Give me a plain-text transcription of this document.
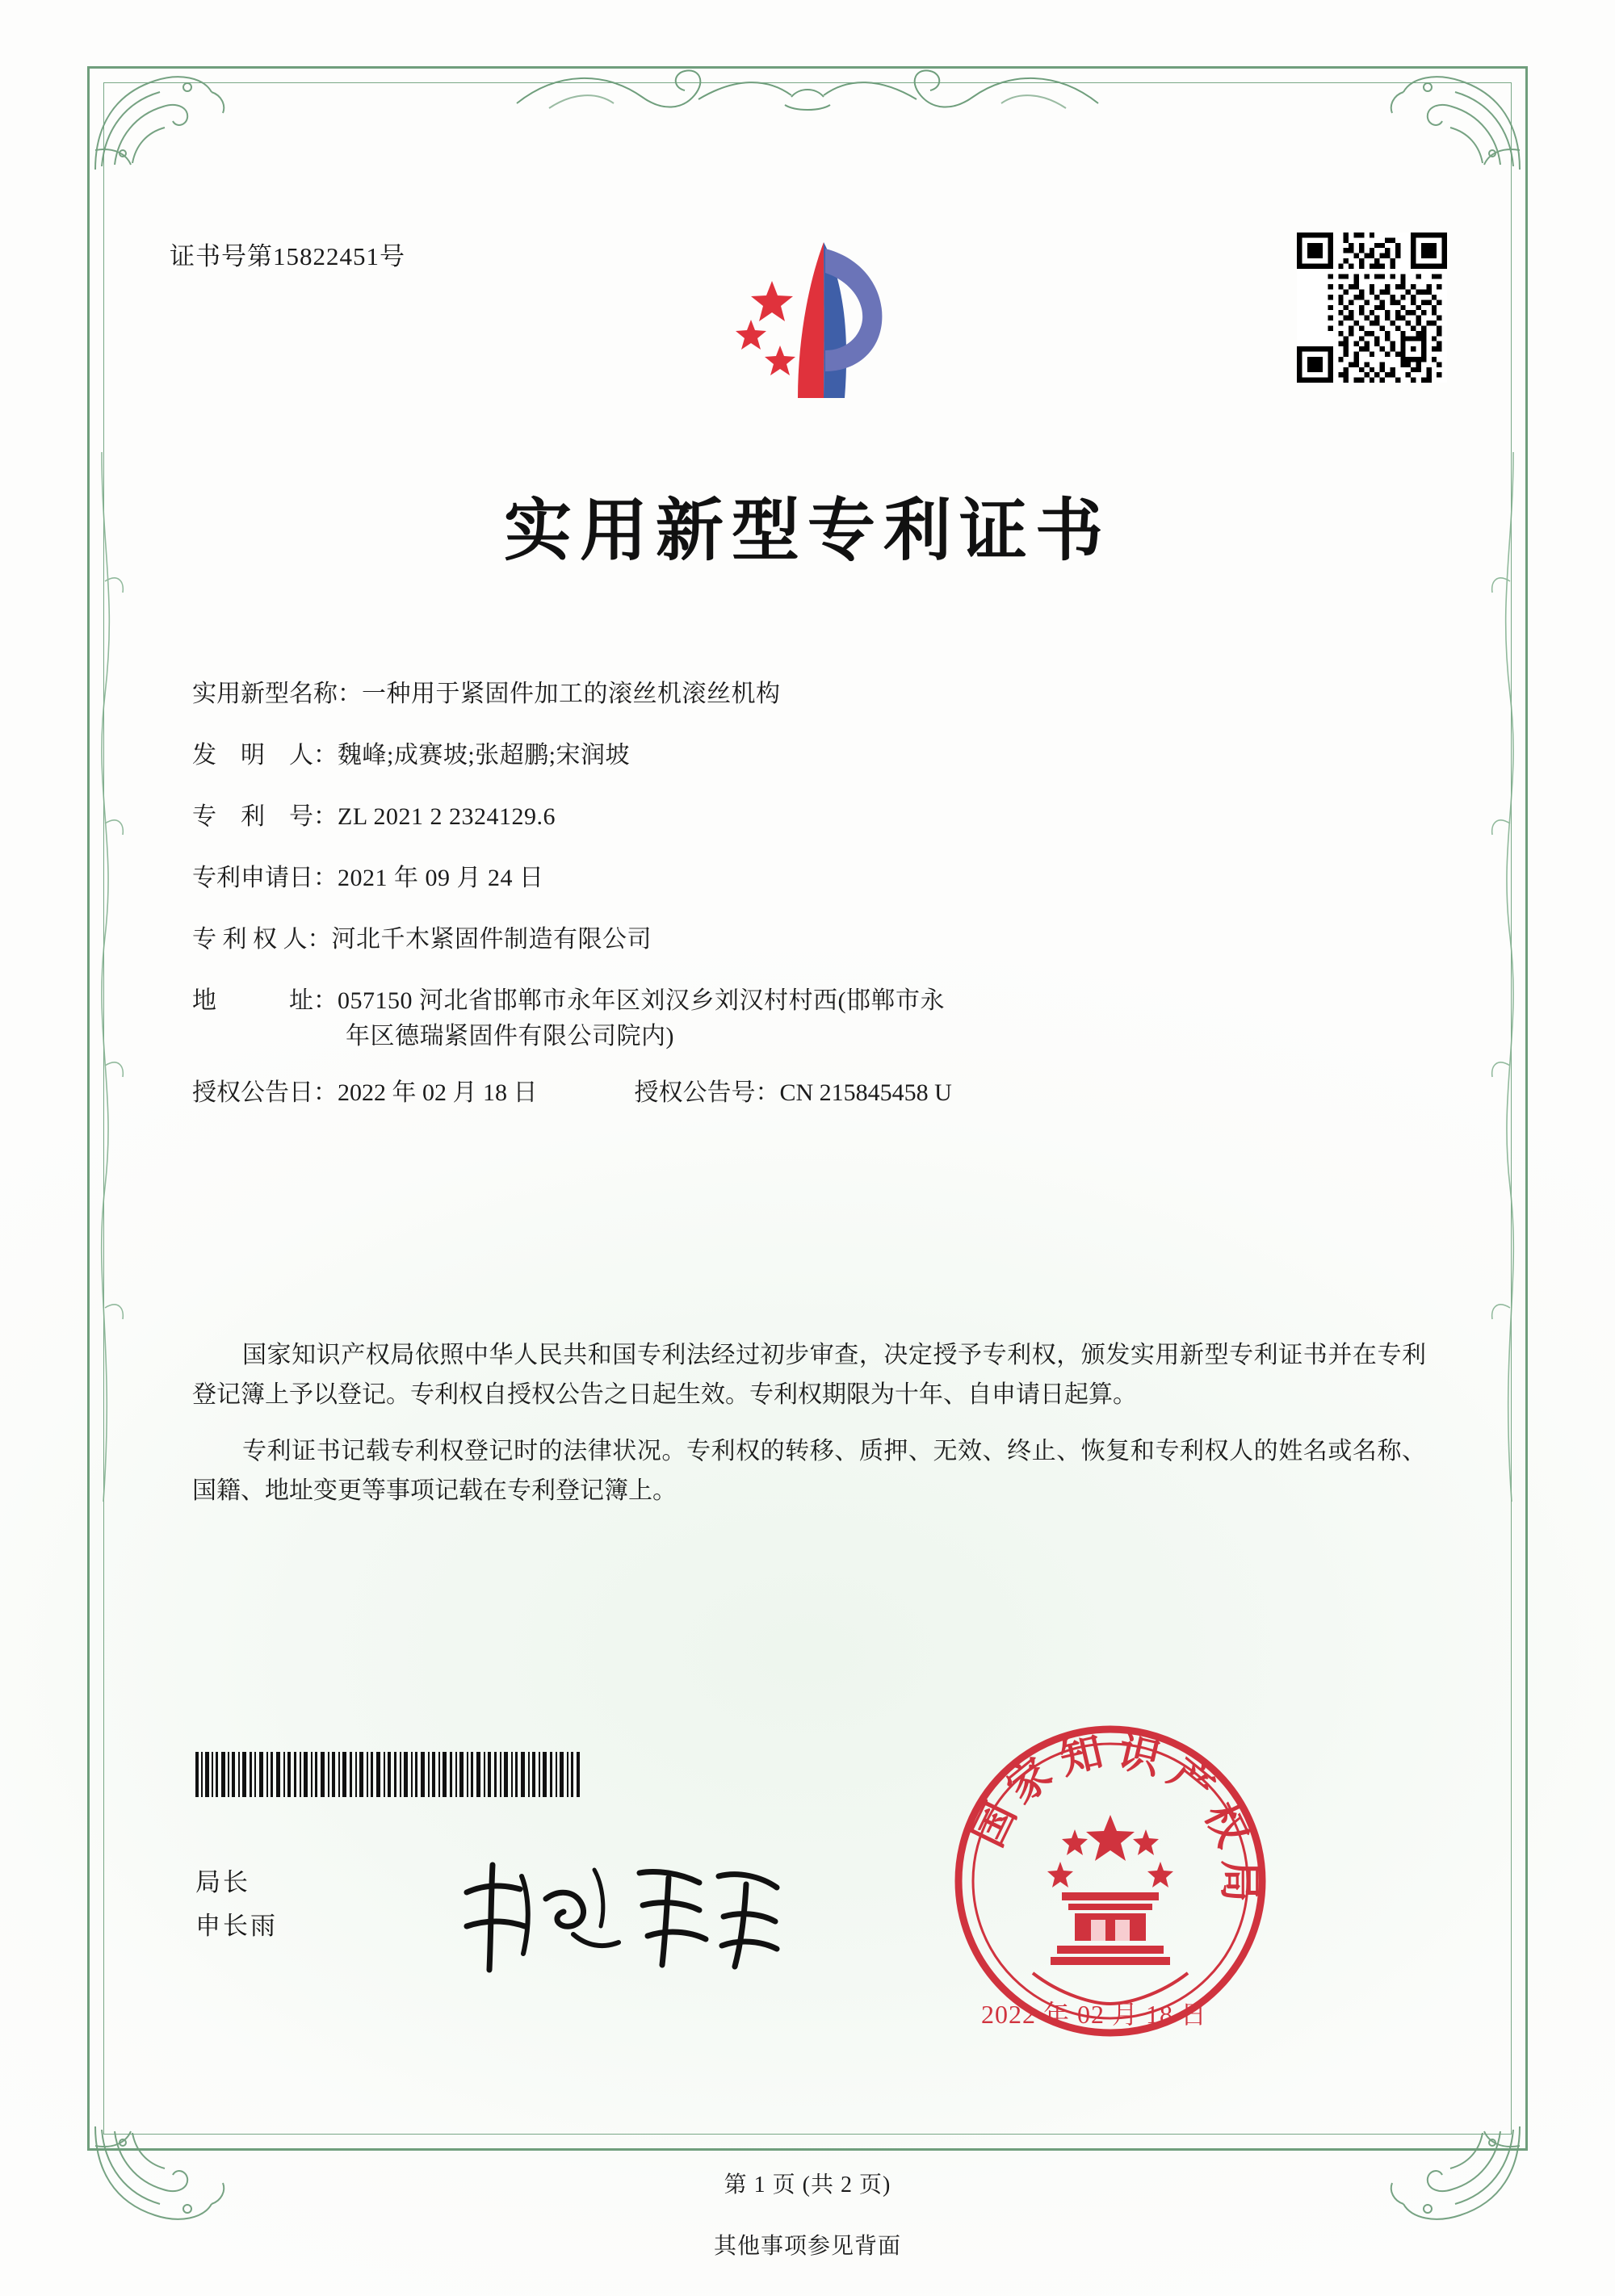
证书号第15822451号
实用新型专利证书
实用新型名称： 一种用于紧固件加工的滚丝机滚丝机构
发　明　人： 魏峰;成赛坡;张超鹏;宋润坡
专　利　号： ZL 2021 2 2324129.6
专利申请日： 2021 年 09 月 24 日
专 利 权 人： 河北千木紧固件制造有限公司
地　　　址： 057150 河北省邯郸市永年区刘汉乡刘汉村村西(邯郸市永
年区德瑞紧固件有限公司院内)
授权公告日： 2022 年 02 月 18 日	授权公告号： CN 215845458 U

国家知识产权局依照中华人民共和国专利法经过初步审查，决定授予专利权，颁发实用新型专利证书并在专利登记簿上予以登记。专利权自授权公告之日起生效。专利权期限为十年、自申请日起算。

专利证书记载专利权登记时的法律状况。专利权的转移、质押、无效、终止、恢复和专利权人的姓名或名称、国籍、地址变更等事项记载在专利登记簿上。

局长
申长雨
国
家
知 识
产
权
局
2022 年 02 月 18 日
第 1 页 (共 2 页)
其他事项参见背面
